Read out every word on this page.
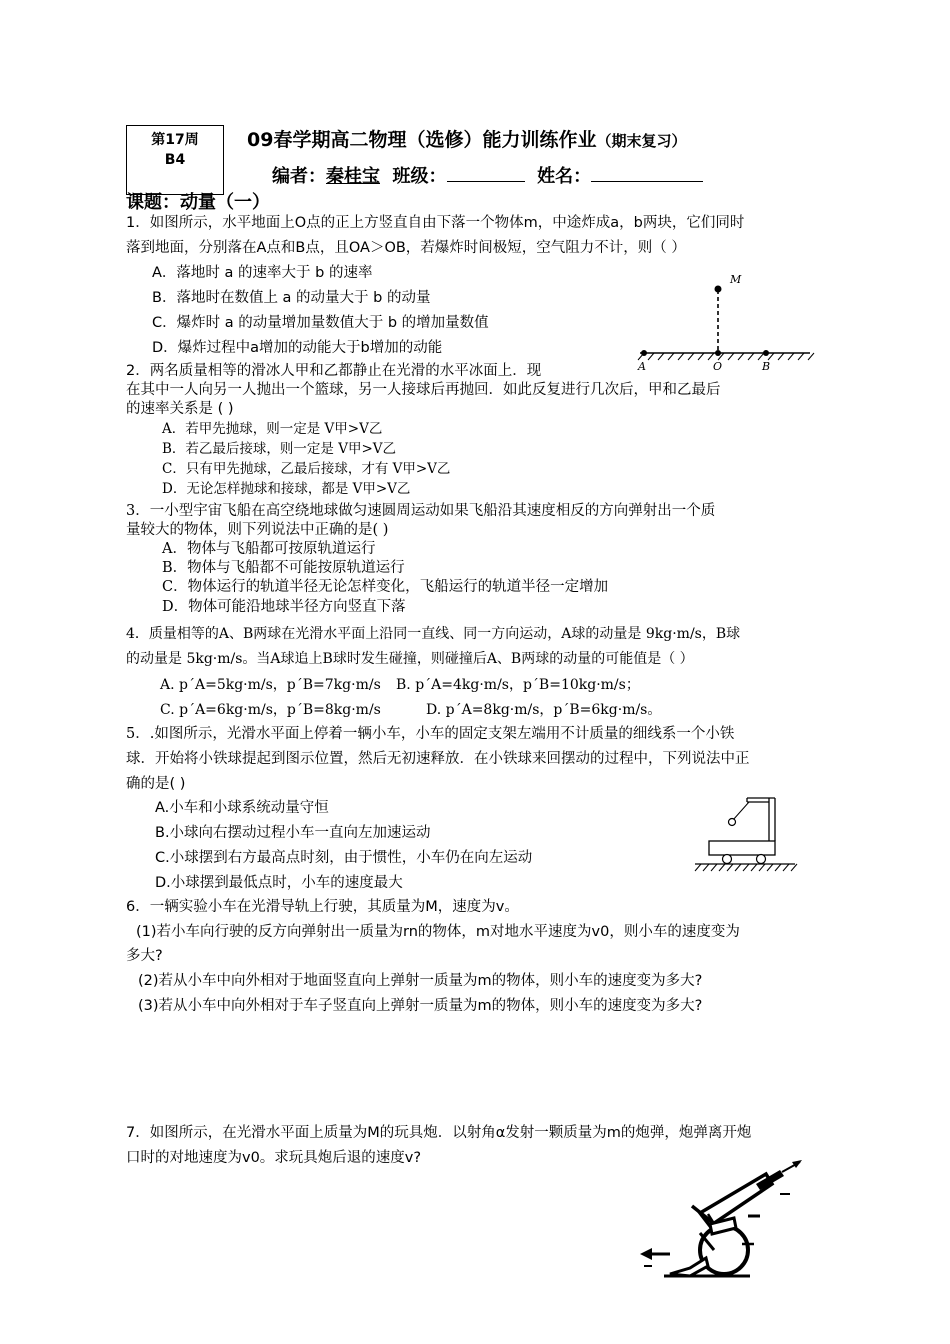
第17周
B4
09春学期高二物理（选修）能力训练作业（期末复习）
编者：秦桂宝 班级：	姓名：
课题：动量（一）
1．如图所示，水平地面上O点的正上方竖直自由下落一个物体m，中途炸成a，b两块，它们同时
落到地面，分别落在A点和B点，且OA＞OB，若爆炸时间极短，空气阻力不计，则（ ）
A．落地时 a 的速率大于 b 的速率
B．落地时在数值上 a 的动量大于 b 的动量
C．爆炸时 a 的动量增加量数值大于 b 的增加量数值
D．爆炸过程中a增加的动能大于b增加的动能
M
A	O	B
2．两名质量相等的滑冰人甲和乙都静止在光滑的水平冰面上．现
在其中一人向另一人抛出一个篮球，另一人接球后再抛回．如此反复进行几次后，甲和乙最后
的速率关系是 ( )
A．若甲先抛球，则一定是 V甲>V乙
B．若乙最后接球，则一定是 V甲>V乙
C．只有甲先抛球，乙最后接球，才有 V甲>V乙
D．无论怎样抛球和接球，都是 V甲>V乙
3．一小型宇宙飞船在高空绕地球做匀速圆周运动如果飞船沿其速度相反的方向弹射出一个质
量较大的物体，则下列说法中正确的是( )
A．物体与飞船都可按原轨道运行
B．物体与飞船都不可能按原轨道运行
C．物体运行的轨道半径无论怎样变化，飞船运行的轨道半径一定增加
D．物体可能沿地球半径方向竖直下落
4．质量相等的A、B两球在光滑水平面上沿同一直线、同一方向运动，A球的动量是 9kg·m/s，B球
的动量是 5kg·m/s。当A球追上B球时发生碰撞，则碰撞后A、B两球的动量的可能值是（ ）
A. p´A=5kg·m/s，p´B=7kg·m/s B. p´A=4kg·m/s，p´B=10kg·m/s；
C. p´A=6kg·m/s，p´B=8kg·m/s	D. p´A=8kg·m/s，p´B=6kg·m/s。
5．.如图所示，光滑水平面上停着一辆小车，小车的固定支架左端用不计质量的细线系一个小铁
球．开始将小铁球提起到图示位置，然后无初速释放．在小铁球来回摆动的过程中，下列说法中正
确的是( )
A.小车和小球系统动量守恒
B.小球向右摆动过程小车一直向左加速运动
C.小球摆到右方最高点时刻，由于惯性，小车仍在向左运动
D.小球摆到最低点时，小车的速度最大
6．一辆实验小车在光滑导轨上行驶，其质量为M，速度为v。
(1)若小车向行驶的反方向弹射出一质量为rn的物体，m对地水平速度为v0，则小车的速度变为
多大?
(2)若从小车中向外相对于地面竖直向上弹射一质量为m的物体，则小车的速度变为多大?
(3)若从小车中向外相对于车子竖直向上弹射一质量为m的物体，则小车的速度变为多大?
7．如图所示，在光滑水平面上质量为M的玩具炮．以射角α发射一颗质量为m的炮弹，炮弹离开炮
口时的对地速度为v0。求玩具炮后退的速度v?
